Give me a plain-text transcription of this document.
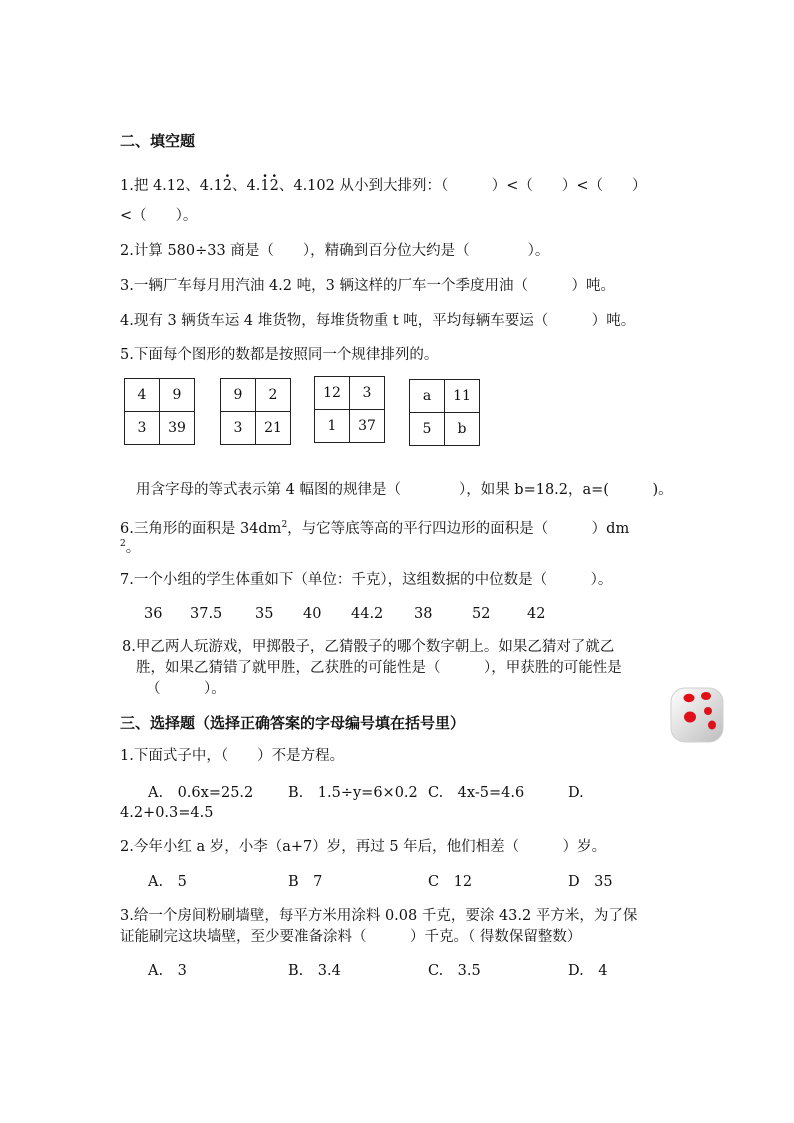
二、填空题
1.把 4.12、4.1· 2、4.· 1· 2、4.102 从小到大排列：（　　　）<（　　）<（　　）
<（　　）。
2.计算 580÷33 商是（　　），精确到百分位大约是（　　　　）。
3.一辆厂车每月用汽油 4.2 吨，3 辆这样的厂车一个季度用油（　　　）吨。
4.现有 3 辆货车运 4 堆货物，每堆货物重 t 吨，平均每辆车要运（　　　）吨。
5.下面每个图形的数都是按照同一个规律排列的。
4	9
3	39
9	2
3	21
12	3
1	37
a	11
5	b
用含字母的等式表示第 4 幅图的规律是（　　　　），如果 b=18.2，a=(　　　)。
6.三角形的面积是 $34dm^2$，与它等底等高的平行四边形的面积是（　　　）dm
$^2$。
7.一个小组的学生体重如下（单位：千克），这组数据的中位数是（　　　）。
36 37.5 35 40 44.2 38	52	42
8.甲乙两人玩游戏，甲掷骰子，乙猜骰子的哪个数字朝上。如果乙猜对了就乙
胜，如果乙猜错了就甲胜，乙获胜的可能性是（　　　），甲获胜的可能性是
（　　　）。
三、选择题（选择正确答案的字母编号填在括号里）
1.下面式子中，（　　）不是方程。
A.　0.6x=25.2 B.　1.5÷y=6×0.2 C.　4x-5=4.6	D.
4.2+0.3=4.5
2.今年小红 a 岁，小李（a+7）岁，再过 5 年后，他们相差（　　　）岁。
A.　5	B　7	C　12	D　35
3.给一个房间粉刷墙壁，每平方米用涂料 0.08 千克，要涂 43.2 平方米，为了保
证能刷完这块墙壁，至少要准备涂料（　　　）千克。（ 得数保留整数）
A.　3	B.　3.4	C.　3.5	D.　4
